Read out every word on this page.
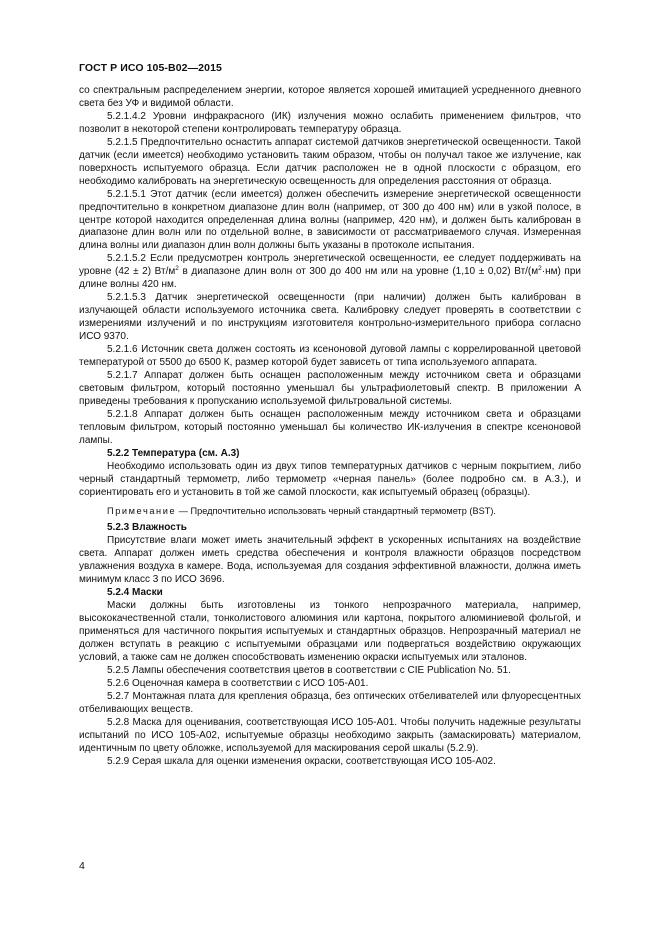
ГОСТ Р ИСО 105-B02—2015

со спектральным распределением энергии, которое является хорошей имитацией усредненного дневного света без УФ и видимой области.

5.2.1.4.2 Уровни инфракрасного (ИК) излучения можно ослабить применением фильтров, что позволит в некоторой степени контролировать температуру образца.

5.2.1.5 Предпочтительно оснастить аппарат системой датчиков энергетической освещенности. Такой датчик (если имеется) необходимо установить таким образом, чтобы он получал такое же излучение, как поверхность испытуемого образца. Если датчик расположен не в одной плоскости с образцом, его необходимо калибровать на энергетическую освещенность для определения расстояния от образца.

5.2.1.5.1 Этот датчик (если имеется) должен обеспечить измерение энергетической освещенности предпочтительно в конкретном диапазоне длин волн (например, от 300 до 400 нм) или в узкой полосе, в центре которой находится определенная длина волны (например, 420 нм), и должен быть калиброван в диапазоне длин волн или по отдельной волне, в зависимости от рассматриваемого случая. Измеренная длина волны или диапазон длин волн должны быть указаны в протоколе испытания.

5.2.1.5.2 Если предусмотрен контроль энергетической освещенности, ее следует поддерживать на уровне (42 ± 2) $Вт/м^2$ в диапазоне длин волн от 300 до 400 нм или на уровне (1,10 ± 0,02) $Вт/(м^2\cdot нм)$ при длине волны 420 нм.

5.2.1.5.3 Датчик энергетической освещенности (при наличии) должен быть калиброван в излучающей области используемого источника света. Калибровку следует проверять в соответствии с измерениями излучений и по инструкциям изготовителя контрольно-измерительного прибора согласно ИСО 9370.

5.2.1.6 Источник света должен состоять из ксеноновой дуговой лампы с коррелированной цветовой температурой от 5500 до 6500 К, размер которой будет зависеть от типа используемого аппарата.

5.2.1.7 Аппарат должен быть оснащен расположенным между источником света и образцами световым фильтром, который постоянно уменьшал бы ультрафиолетовый спектр. В приложении А приведены требования к пропусканию используемой фильтровальной системы.

5.2.1.8 Аппарат должен быть оснащен расположенным между источником света и образцами тепловым фильтром, который постоянно уменьшал бы количество ИК-излучения в спектре ксеноновой лампы.

5.2.2 Температура (см. А.3)

Необходимо использовать один из двух типов температурных датчиков с черным покрытием, либо черный стандартный термометр, либо термометр «черная панель» (более подробно см. в А.3.), и сориентировать его и установить в той же самой плоскости, как испытуемый образец (образцы).

Примечание — Предпочтительно использовать черный стандартный термометр (BST).

5.2.3 Влажность

Присутствие влаги может иметь значительный эффект в ускоренных испытаниях на воздействие света. Аппарат должен иметь средства обеспечения и контроля влажности образцов посредством увлажнения воздуха в камере. Вода, используемая для создания эффективной влажности, должна иметь минимум класс 3 по ИСО 3696.

5.2.4 Маски

Маски должны быть изготовлены из тонкого непрозрачного материала, например, высококачественной стали, тонколистового алюминия или картона, покрытого алюминиевой фольгой, и применяться для частичного покрытия испытуемых и стандартных образцов. Непрозрачный материал не должен вступать в реакцию с испытуемыми образцами или подвергаться воздействию окружающих условий, а также сам не должен способствовать изменению окраски испытуемых или эталонов.

5.2.5 Лампы обеспечения соответствия цветов в соответствии с CIE Publication No. 51.

5.2.6 Оценочная камера в соответствии с ИСО 105-A01.

5.2.7 Монтажная плата для крепления образца, без оптических отбеливателей или флуоресцентных отбеливающих веществ.

5.2.8 Маска для оценивания, соответствующая ИСО 105-A01. Чтобы получить надежные результаты испытаний по ИСО 105-A02, испытуемые образцы необходимо закрыть (замаскировать) материалом, идентичным по цвету обложке, используемой для маскирования серой шкалы (5.2.9).

5.2.9 Серая шкала для оценки изменения окраски, соответствующая ИСО 105-A02.

4
